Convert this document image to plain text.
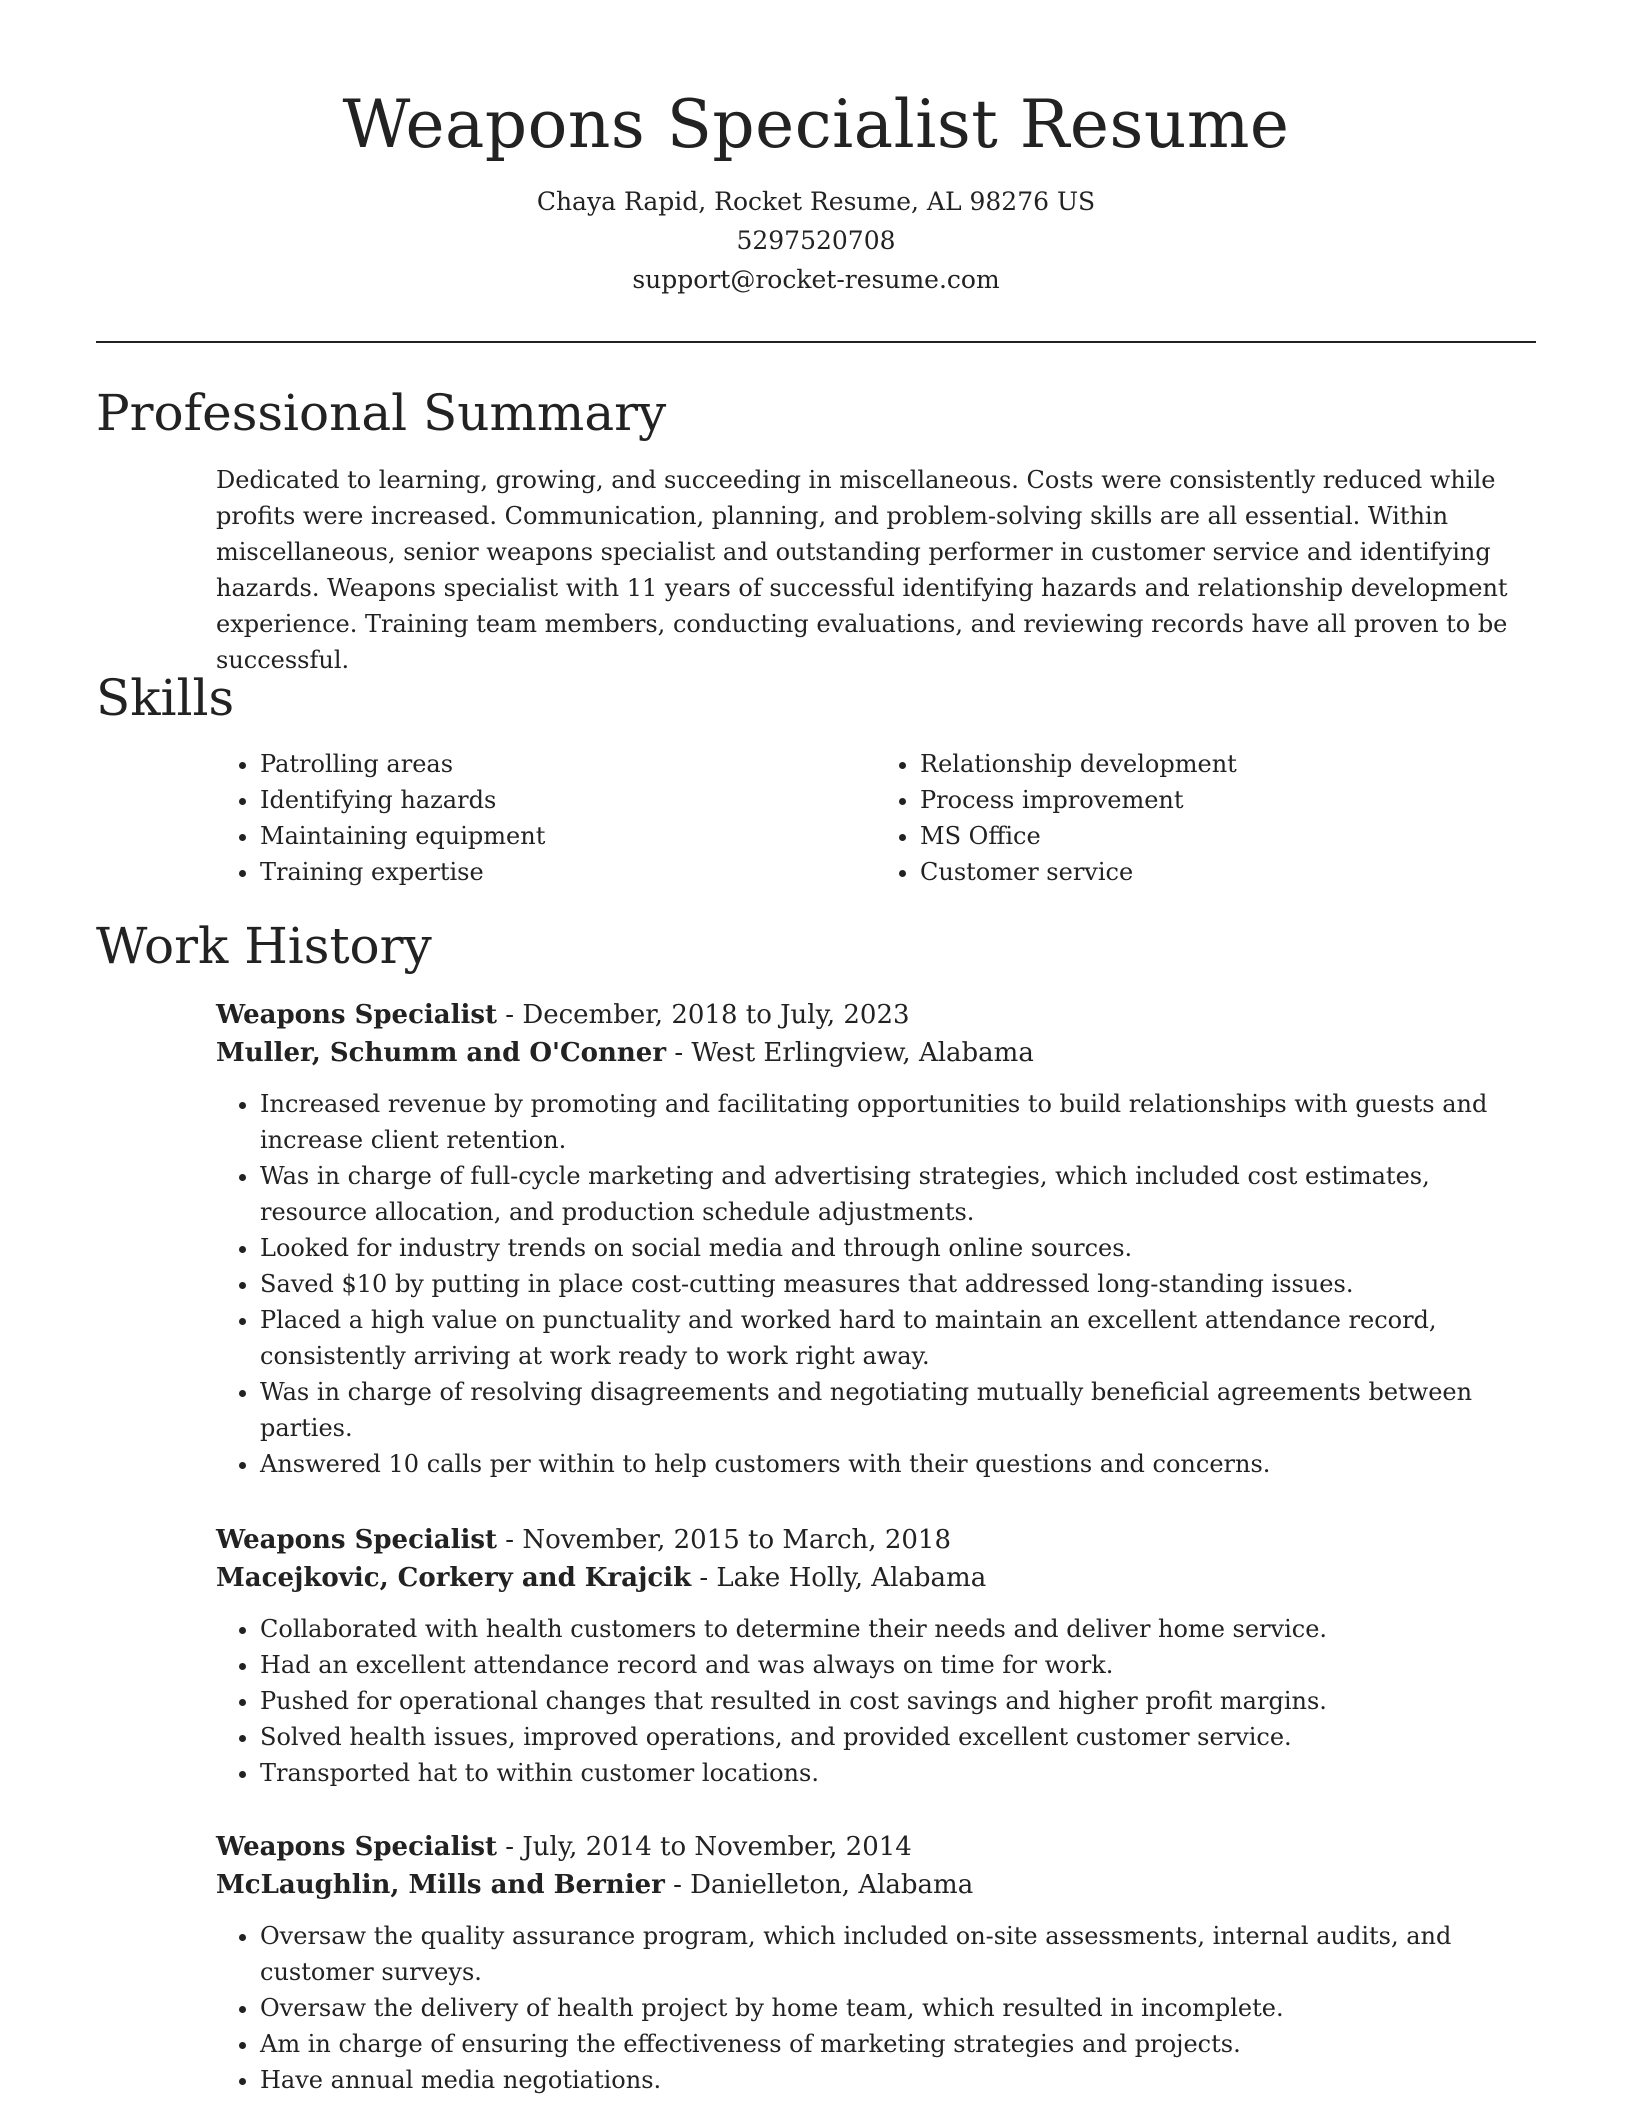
Weapons Specialist Resume
Chaya Rapid, Rocket Resume, AL 98276 US
5297520708
support@rocket-resume.com
Professional Summary

Dedicated to learning, growing, and succeeding in miscellaneous. Costs were consistently reduced while profits were increased. Communication, planning, and problem-solving skills are all essential. Within miscellaneous, senior weapons specialist and outstanding performer in customer service and identifying hazards. Weapons specialist with 11 years of successful identifying hazards and relationship development experience. Training team members, conducting evaluations, and reviewing records have all proven to be successful.

Skills
• Patrolling areas
• Identifying hazards
• Maintaining equipment
• Training expertise
• Relationship development
• Process improvement
• MS Office
• Customer service
Work History
Weapons Specialist - December, 2018 to July, 2023
Muller, Schumm and O'Conner - West Erlingview, Alabama
• Increased revenue by promoting and facilitating opportunities to build relationships with guests and increase client retention.
• Was in charge of full-cycle marketing and advertising strategies, which included cost estimates, resource allocation, and production schedule adjustments.
• Looked for industry trends on social media and through online sources.
• Saved $10 by putting in place cost-cutting measures that addressed long-standing issues.
• Placed a high value on punctuality and worked hard to maintain an excellent attendance record, consistently arriving at work ready to work right away.
• Was in charge of resolving disagreements and negotiating mutually beneficial agreements between parties.
• Answered 10 calls per within to help customers with their questions and concerns.
Weapons Specialist - November, 2015 to March, 2018
Macejkovic, Corkery and Krajcik - Lake Holly, Alabama
• Collaborated with health customers to determine their needs and deliver home service.
• Had an excellent attendance record and was always on time for work.
• Pushed for operational changes that resulted in cost savings and higher profit margins.
• Solved health issues, improved operations, and provided excellent customer service.
• Transported hat to within customer locations.
Weapons Specialist - July, 2014 to November, 2014
McLaughlin, Mills and Bernier - Danielleton, Alabama
• Oversaw the quality assurance program, which included on-site assessments, internal audits, and customer surveys.
• Oversaw the delivery of health project by home team, which resulted in incomplete.
• Am in charge of ensuring the effectiveness of marketing strategies and projects.
• Have annual media negotiations.
